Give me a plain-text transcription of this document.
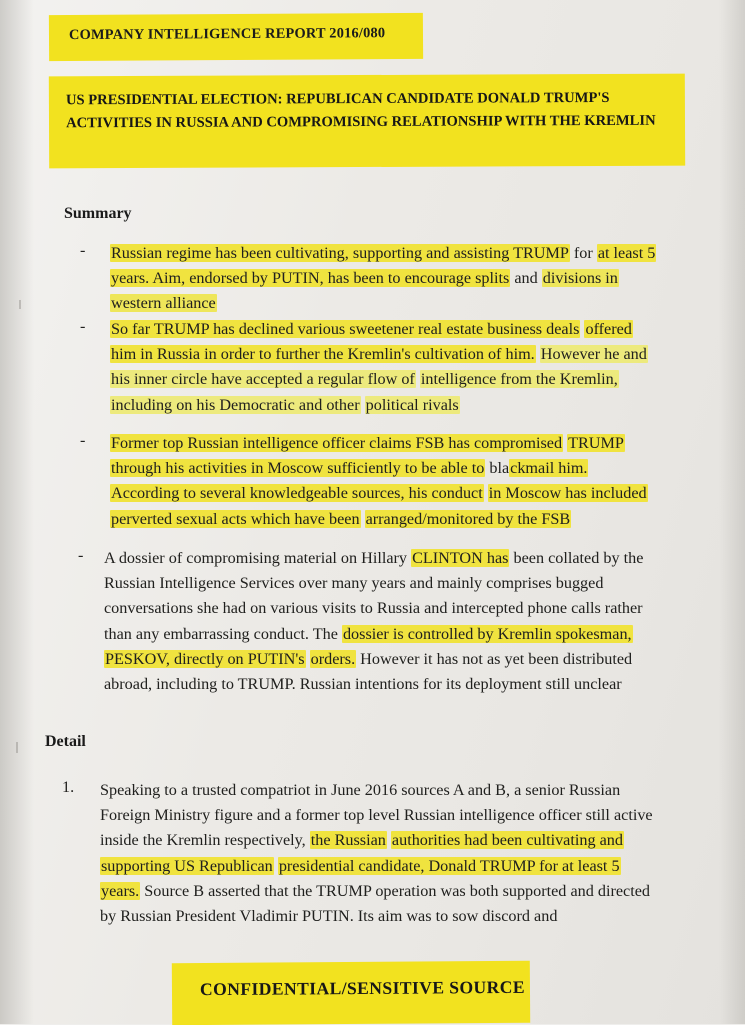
COMPANY INTELLIGENCE REPORT 2016/080
US PRESIDENTIAL ELECTION: REPUBLICAN CANDIDATE DONALD TRUMP'S ACTIVITIES IN RUSSIA AND COMPROMISING RELATIONSHIP WITH THE KREMLIN
Summary
- Russian regime has been cultivating, supporting and assisting TRUMP for at least 5 years. Aim, endorsed by PUTIN, has been to encourage splits and divisions in western alliance
- So far TRUMP has declined various sweetener real estate business deals offered him in Russia in order to further the Kremlin's cultivation of him. However he and his inner circle have accepted a regular flow of intelligence from the Kremlin, including on his Democratic and other political rivals
- Former top Russian intelligence officer claims FSB has compromised TRUMP through his activities in Moscow sufficiently to be able to blackmail him. According to several knowledgeable sources, his conduct in Moscow has included perverted sexual acts which have been arranged/monitored by the FSB
- A dossier of compromising material on Hillary CLINTON has been collated by the Russian Intelligence Services over many years and mainly comprises bugged conversations she had on various visits to Russia and intercepted phone calls rather than any embarrassing conduct. The dossier is controlled by Kremlin spokesman, PESKOV, directly on PUTIN's orders. However it has not as yet been distributed abroad, including to TRUMP. Russian intentions for its deployment still unclear
Detail
1. Speaking to a trusted compatriot in June 2016 sources A and B, a senior Russian Foreign Ministry figure and a former top level Russian intelligence officer still active inside the Kremlin respectively, the Russian authorities had been cultivating and supporting US Republican presidential candidate, Donald TRUMP for at least 5 years. Source B asserted that the TRUMP operation was both supported and directed by Russian President Vladimir PUTIN. Its aim was to sow discord and
CONFIDENTIAL/SENSITIVE SOURCE
